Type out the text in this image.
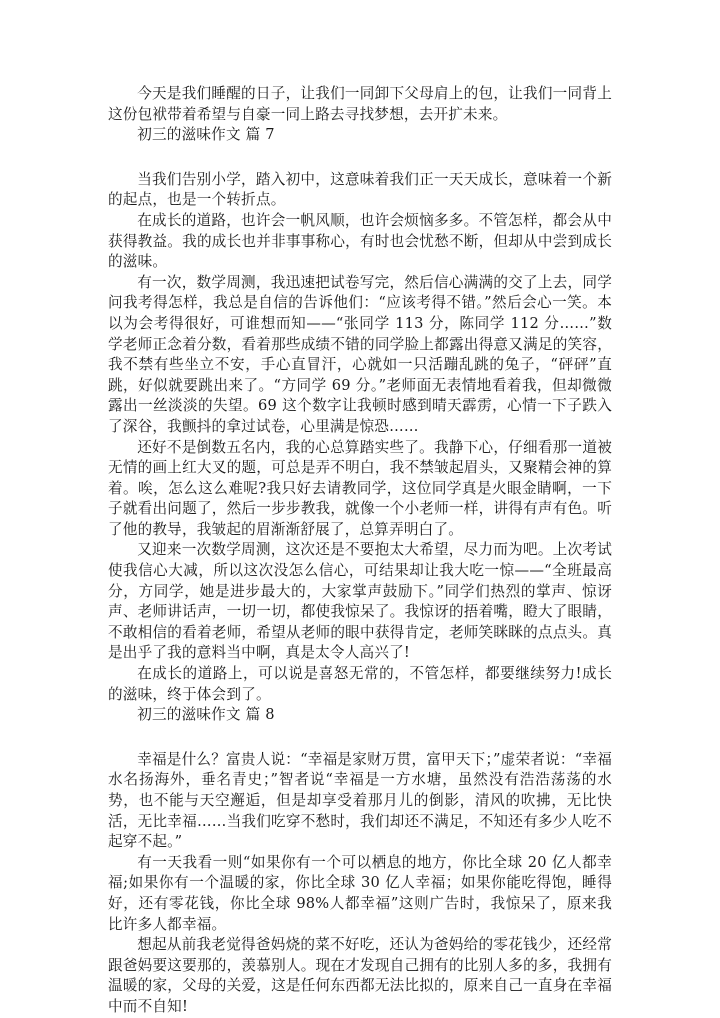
今天是我们睡醒的日子，让我们一同卸下父母肩上的包，让我们一同背上这份包袱带着希望与自豪一同上路去寻找梦想，去开扩未来。

初三的滋味作文 篇 7

当我们告别小学，踏入初中，这意味着我们正一天天成长，意味着一个新的起点，也是一个转折点。

在成长的道路，也许会一帆风顺，也许会烦恼多多。不管怎样，都会从中获得教益。我的成长也并非事事称心，有时也会忧愁不断，但却从中尝到成长的滋味。

有一次，数学周测，我迅速把试卷写完，然后信心满满的交了上去，同学问我考得怎样，我总是自信的告诉他们：“应该考得不错。”然后会心一笑。本以为会考得很好，可谁想而知——“张同学 113 分，陈同学 112 分……”数学老师正念着分数，看着那些成绩不错的同学脸上都露出得意又满足的笑容，我不禁有些坐立不安，手心直冒汗，心就如一只活蹦乱跳的兔子，“砰砰”直跳，好似就要跳出来了。“方同学 69 分。”老师面无表情地看着我，但却微微露出一丝淡淡的失望。69 这个数字让我顿时感到晴天霹雳，心情一下子跌入了深谷，我颤抖的拿过试卷，心里满是惊恐……

还好不是倒数五名内，我的心总算踏实些了。我静下心，仔细看那一道被无情的画上红大叉的题，可总是弄不明白，我不禁皱起眉头，又聚精会神的算着。唉，怎么这么难呢?我只好去请教同学，这位同学真是火眼金睛啊，一下子就看出问题了，然后一步步教我，就像一个小老师一样，讲得有声有色。听了他的教导，我皱起的眉渐渐舒展了，总算弄明白了。

又迎来一次数学周测，这次还是不要抱太大希望，尽力而为吧。上次考试使我信心大减，所以这次没怎么信心，可结果却让我大吃一惊——“全班最高分，方同学，她是进步最大的，大家掌声鼓励下。”同学们热烈的掌声、惊讶声、老师讲话声，一切一切，都使我惊呆了。我惊讶的捂着嘴，瞪大了眼睛，不敢相信的看着老师，希望从老师的眼中获得肯定，老师笑眯眯的点点头。真是出乎了我的意料当中啊，真是太令人高兴了!

在成长的道路上，可以说是喜怒无常的，不管怎样，都要继续努力!成长的滋味，终于体会到了。

初三的滋味作文 篇 8

幸福是什么？富贵人说：“幸福是家财万贯，富甲天下；”虚荣者说：“幸福水名扬海外，垂名青史；”智者说“幸福是一方水塘，虽然没有浩浩荡荡的水势，也不能与天空邂逅，但是却享受着那月儿的倒影，清风的吹拂，无比快活，无比幸福……当我们吃穿不愁时，我们却还不满足，不知还有多少人吃不起穿不起。”

有一天我看一则“如果你有一个可以栖息的地方，你比全球 20 亿人都幸福;如果你有一个温暖的家，你比全球 30 亿人幸福；如果你能吃得饱，睡得好，还有零花钱，你比全球 98%人都幸福”这则广告时，我惊呆了，原来我比许多人都幸福。

想起从前我老觉得爸妈烧的菜不好吃，还认为爸妈给的零花钱少，还经常跟爸妈要这要那的，羡慕别人。现在才发现自己拥有的比别人多的多，我拥有温暖的家，父母的关爱，这是任何东西都无法比拟的，原来自己一直身在幸福中而不自知!
